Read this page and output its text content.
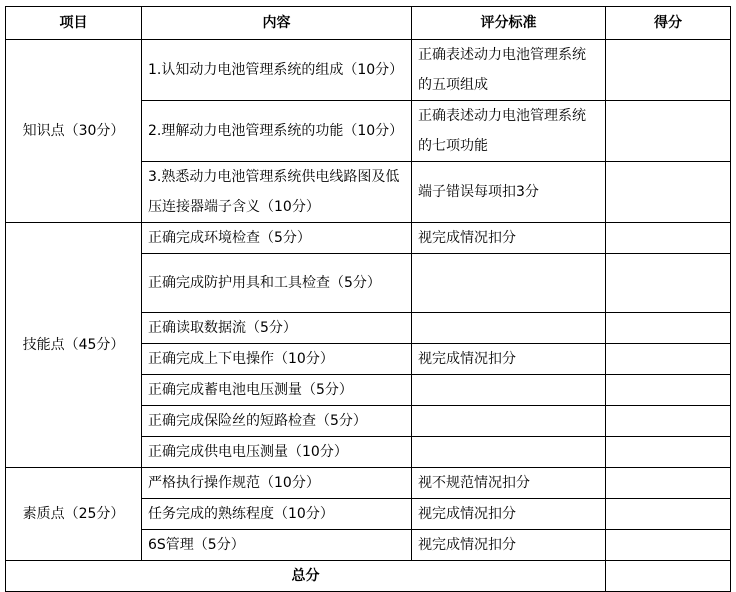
项目	内容	评分标准	得分
知识点（30分）	1.认知动力电池管理系统的组成（10分）	正确表述动力电池管理系统的五项组成	
	2.理解动力电池管理系统的功能（10分）	正确表述动力电池管理系统的七项功能	
	3.熟悉动力电池管理系统供电线路图及低压连接器端子含义（10分）	端子错误每项扣3分	
技能点（45分）	正确完成环境检查（5分）	视完成情况扣分	
	正确完成防护用具和工具检查（5分）		
	正确读取数据流（5分）		
	正确完成上下电操作（10分）	视完成情况扣分	
	正确完成蓄电池电压测量（5分）		
	正确完成保险丝的短路检查（5分）		
	正确完成供电电压测量（10分）		
素质点（25分）	严格执行操作规范（10分）	视不规范情况扣分	
	任务完成的熟练程度（10分）	视完成情况扣分	
	6S管理（5分）	视完成情况扣分	
总分			
